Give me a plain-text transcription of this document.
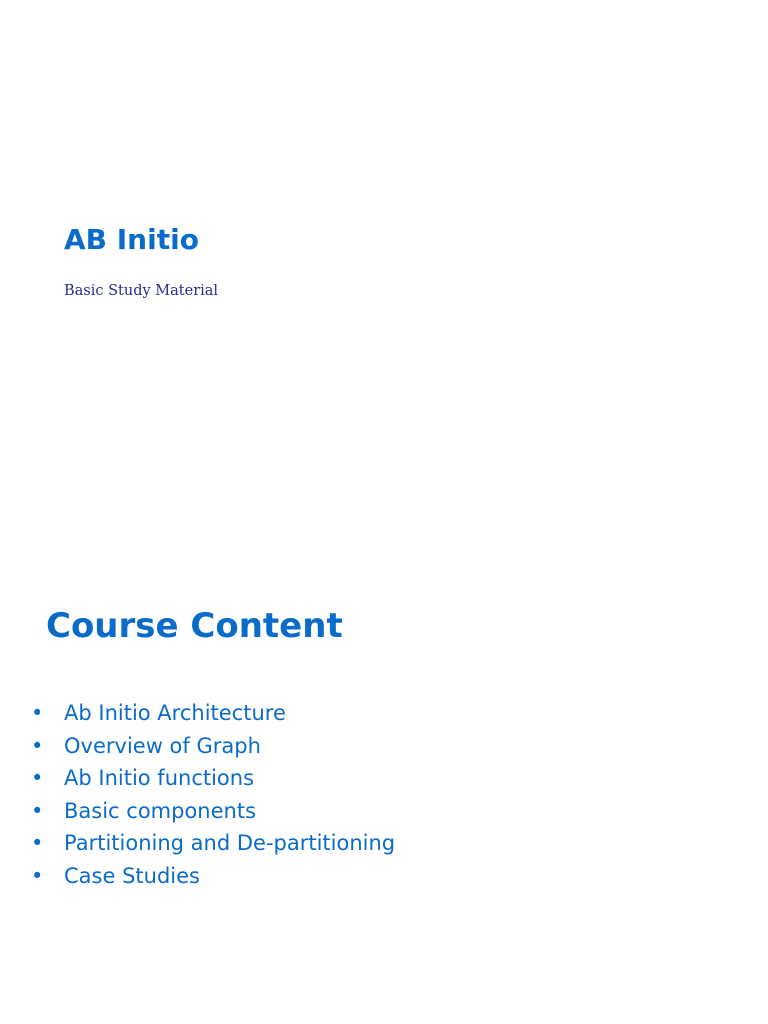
AB Initio

Basic Study Material

Course Content
• Ab Initio Architecture
• Overview of Graph
• Ab Initio functions
• Basic components
• Partitioning and De-partitioning
• Case Studies
